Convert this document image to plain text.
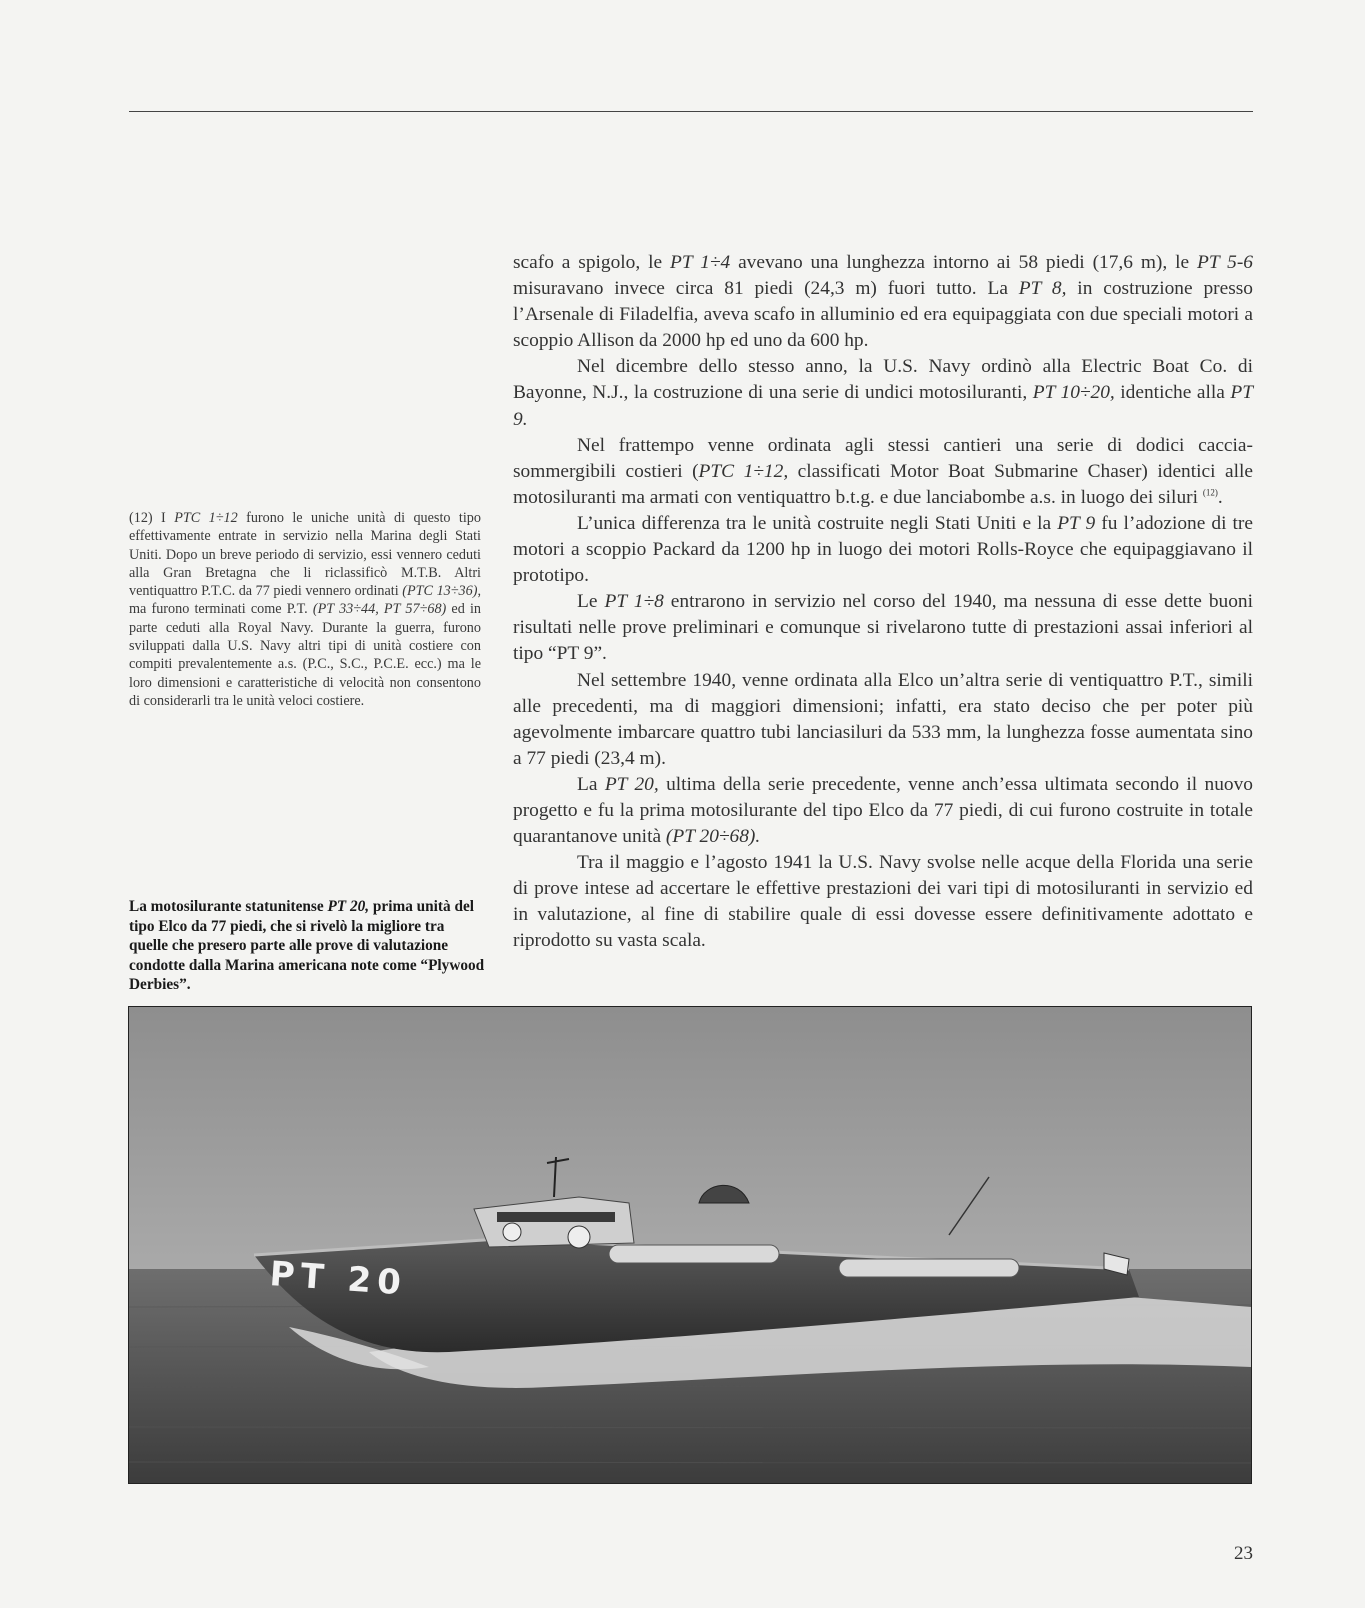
(12) I PTC 1÷12 furono le uniche unità di questo tipo effettivamente entrate in servizio nella Marina degli Stati Uniti. Dopo un breve periodo di servizio, essi vennero ceduti alla Gran Bretagna che li riclassificò M.T.B. Altri ventiquattro P.T.C. da 77 piedi vennero ordinati (PTC 13÷36), ma furono terminati come P.T. (PT 33÷44, PT 57÷68) ed in parte ceduti alla Royal Navy. Durante la guerra, furono sviluppati dalla U.S. Navy altri tipi di unità costiere con compiti prevalentemente a.s. (P.C., S.C., P.C.E. ecc.) ma le loro dimensioni e caratteristiche di velocità non consentono di considerarli tra le unità veloci costiere.
La motosilurante statunitense PT 20, prima unità del tipo Elco da 77 piedi, che si rivelò la migliore tra quelle che presero parte alle prove di valutazione condotte dalla Marina americana note come “Plywood Derbies”.

scafo a spigolo, le PT 1÷4 avevano una lunghezza intorno ai 58 piedi (17,6 m), le PT 5-6 misuravano invece circa 81 piedi (24,3 m) fuori tutto. La PT 8, in costruzione presso l’Arsenale di Filadelfia, aveva scafo in alluminio ed era equipaggiata con due speciali motori a scoppio Allison da 2000 hp ed uno da 600 hp.

Nel dicembre dello stesso anno, la U.S. Navy ordinò alla Electric Boat Co. di Bayonne, N.J., la costruzione di una serie di undici motosiluranti, PT 10÷20, identiche alla PT 9.

Nel frattempo venne ordinata agli stessi cantieri una serie di dodici caccia-sommergibili costieri (PTC 1÷12, classificati Motor Boat Submarine Chaser) identici alle motosiluranti ma armati con ventiquattro b.t.g. e due lanciabombe a.s. in luogo dei siluri $^{(12)}$.

L’unica differenza tra le unità costruite negli Stati Uniti e la PT 9 fu l’adozione di tre motori a scoppio Packard da 1200 hp in luogo dei motori Rolls-Royce che equipaggiavano il prototipo.

Le PT 1÷8 entrarono in servizio nel corso del 1940, ma nessuna di esse dette buoni risultati nelle prove preliminari e comunque si rivelarono tutte di prestazioni assai inferiori al tipo “PT 9”.

Nel settembre 1940, venne ordinata alla Elco un’altra serie di ventiquattro P.T., simili alle precedenti, ma di maggiori dimensioni; infatti, era stato deciso che per poter più agevolmente imbarcare quattro tubi lanciasiluri da 533 mm, la lunghezza fosse aumentata sino a 77 piedi (23,4 m).

La PT 20, ultima della serie precedente, venne anch’essa ultimata secondo il nuovo progetto e fu la prima motosilurante del tipo Elco da 77 piedi, di cui furono costruite in totale quarantanove unità (PT 20÷68).

Tra il maggio e l’agosto 1941 la U.S. Navy svolse nelle acque della Florida una serie di prove intese ad accertare le effettive prestazioni dei vari tipi di motosiluranti in servizio ed in valutazione, al fine di stabilire quale di essi dovesse essere definitivamente adottato e riprodotto su vasta scala.

PT 20
23
